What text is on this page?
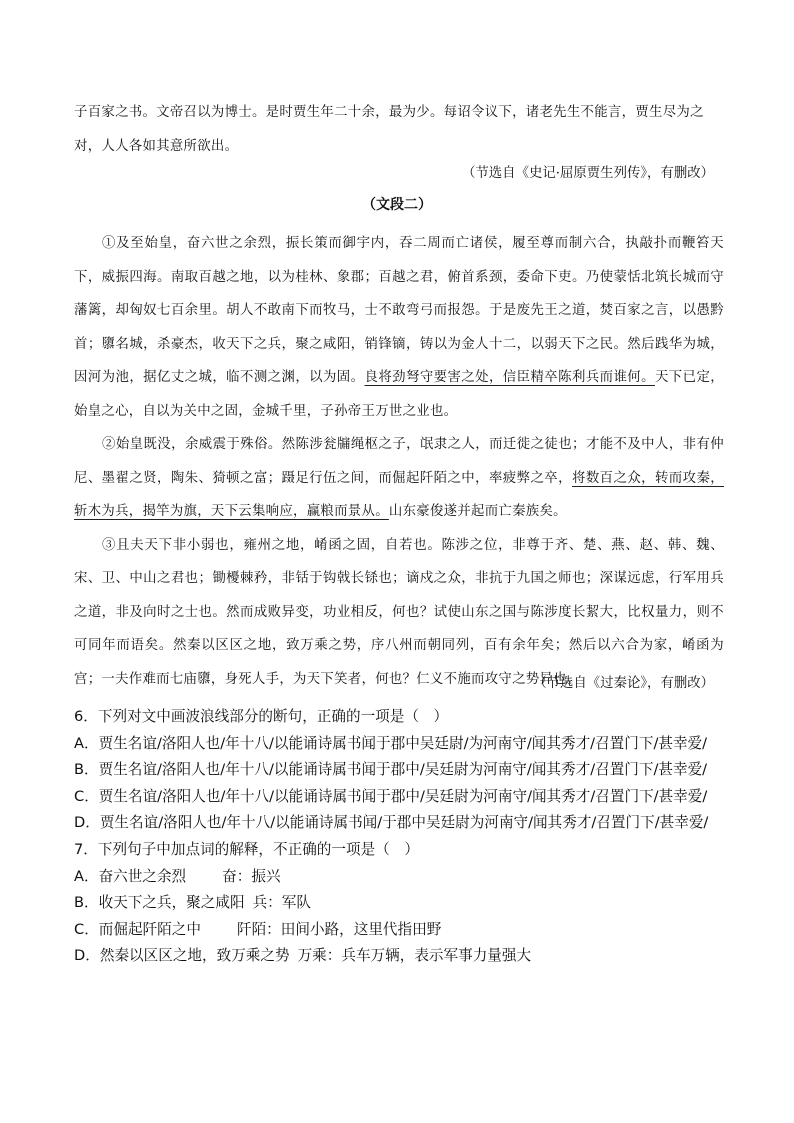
子百家之书。文帝召以为博士。是时贾生年二十余，最为少。每诏令议下，诸老先生不能言，贾生尽为之
对，人人各如其意所欲出。
（节选自《史记·屈原贾生列传》，有删改）
（文段二）

①及至始皇，奋六世之余烈，振长策而御宇内，吞二周而亡诸侯，履至尊而制六合，执敲扑而鞭笞天下，威振四海。南取百越之地，以为桂林、象郡；百越之君，俯首系颈，委命下吏。乃使蒙恬北筑长城而守藩篱，却匈奴七百余里。胡人不敢南下而牧马，士不敢弯弓而报怨。于是废先王之道，焚百家之言，以愚黔首；隳名城，杀豪杰，收天下之兵，聚之咸阳，销锋镝，铸以为金人十二，以弱天下之民。然后践华为城，因河为池，据亿丈之城，临不测之渊，以为固。良将劲弩守要害之处，信臣精卒陈利兵而谁何。天下已定，始皇之心，自以为关中之固，金城千里，子孙帝王万世之业也。

②始皇既没，余威震于殊俗。然陈涉瓮牖绳枢之子，氓隶之人，而迁徙之徒也；才能不及中人，非有仲尼、墨翟之贤，陶朱、猗顿之富；蹑足行伍之间，而倔起阡陌之中，率疲弊之卒，将数百之众，转而攻秦，斩木为兵，揭竿为旗，天下云集响应，赢粮而景从。山东豪俊遂并起而亡秦族矣。

③且夫天下非小弱也，雍州之地，崤函之固，自若也。陈涉之位，非尊于齐、楚、燕、赵、韩、魏、宋、卫、中山之君也；锄櫌棘矜，非铦于钩戟长铩也；谪戍之众，非抗于九国之师也；深谋远虑，行军用兵之道，非及向时之士也。然而成败异变，功业相反，何也？试使山东之国与陈涉度长絜大，比权量力，则不可同年而语矣。然秦以区区之地，致万乘之势，序八州而朝同列，百有余年矣；然后以六合为家，崤函为宫；一夫作难而七庙隳，身死人手，为天下笑者，何也？仁义不施而攻守之势异也。

（节选自《过秦论》，有删改）
6．下列对文中画波浪线部分的断句，正确的一项是（　）
A．贾生名谊/洛阳人也/年十八/以能诵诗属书闻于郡中吴廷尉/为河南守/闻其秀才/召置门下/甚幸爱/
B．贾生名谊/洛阳人也/年十八/以能诵诗属书闻于郡中/吴廷尉为河南守/闻其秀才/召置门下/甚幸爱/
C．贾生名谊/洛阳人也/年十八/以能诵诗属书闻于郡中/吴廷尉为河南守/闻其秀才/召置门下/甚幸爱/
D．贾生名谊/洛阳人也/年十八/以能诵诗属书闻/于郡中吴廷尉为河南守/闻其秀才/召置门下/甚幸爱/
7．下列句子中加点词的解释，不正确的一项是（　）
A．奋六世之余烈 奋：振兴
B．收天下之兵，聚之咸阳 兵：军队
C．而倔起阡陌之中 阡陌：田间小路，这里代指田野
D．然秦以区区之地，致万乘之势 万乘：兵车万辆，表示军事力量强大
